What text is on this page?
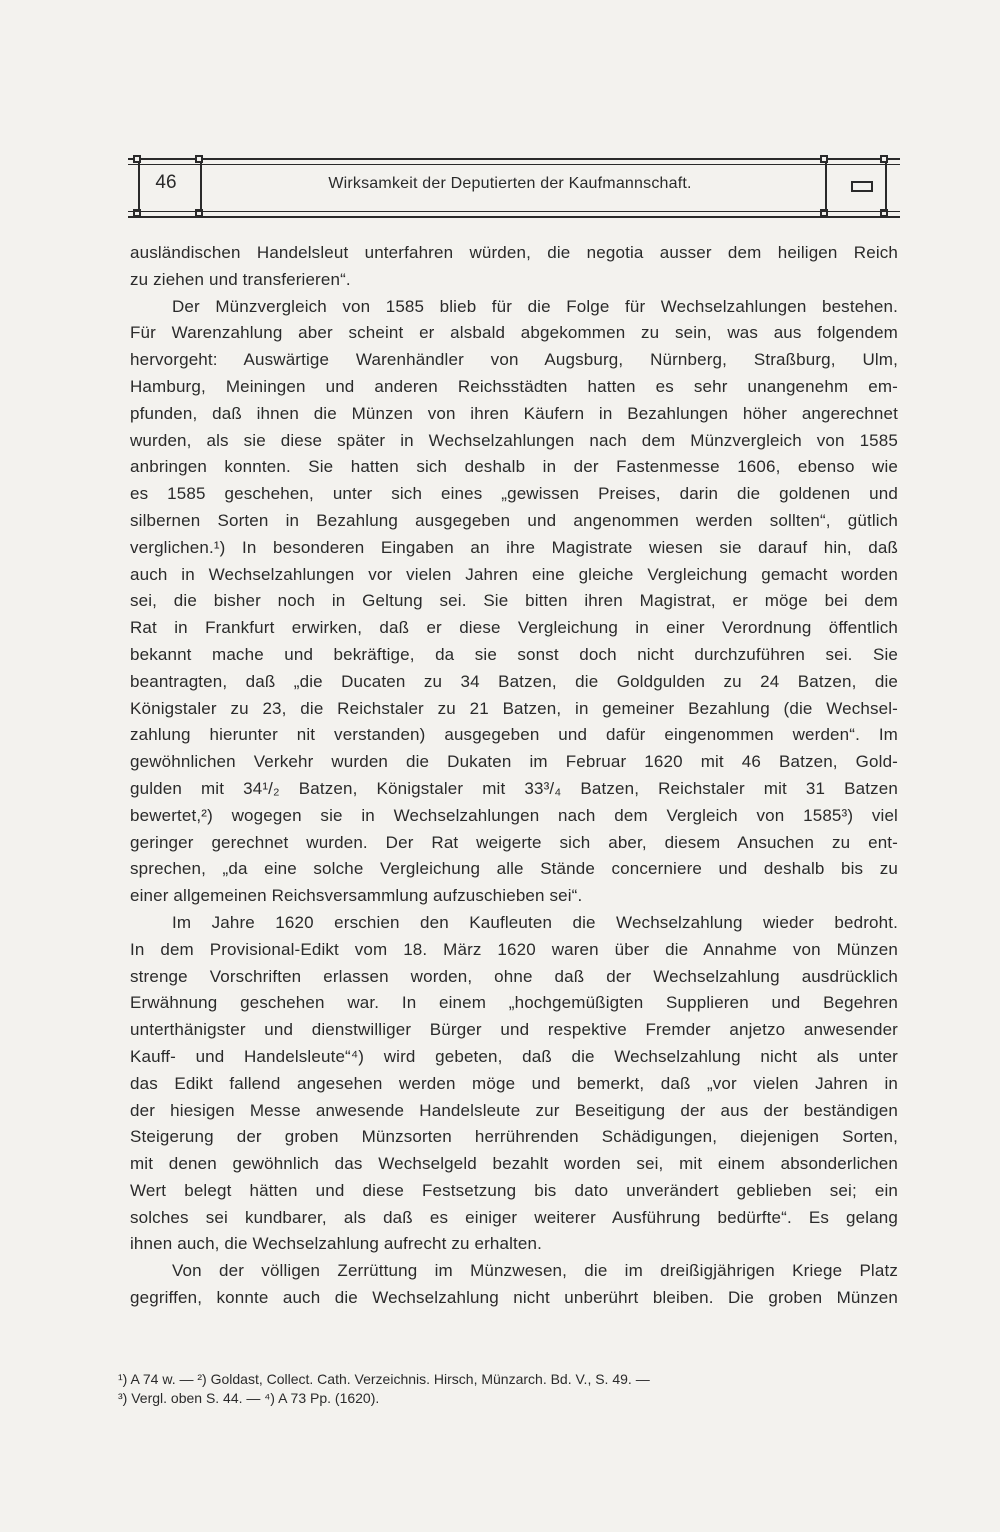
46	Wirksamkeit der Deputierten der Kaufmannschaft.
ausländischen Handelsleut unterfahren würden, die negotia ausser dem heiligen Reich
zu ziehen und transferieren“.
Der Münzvergleich von 1585 blieb für die Folge für Wechselzahlungen bestehen.
Für Warenzahlung aber scheint er alsbald abgekommen zu sein, was aus folgendem
hervorgeht: Auswärtige Warenhändler von Augsburg, Nürnberg, Straßburg, Ulm,
Hamburg, Meiningen und anderen Reichsstädten hatten es sehr unangenehm em-
pfunden, daß ihnen die Münzen von ihren Käufern in Bezahlungen höher angerechnet
wurden, als sie diese später in Wechselzahlungen nach dem Münzvergleich von 1585
anbringen konnten. Sie hatten sich deshalb in der Fastenmesse 1606, ebenso wie
es 1585 geschehen, unter sich eines „gewissen Preises, darin die goldenen und
silbernen Sorten in Bezahlung ausgegeben und angenommen werden sollten“, gütlich
verglichen.¹) In besonderen Eingaben an ihre Magistrate wiesen sie darauf hin, daß
auch in Wechselzahlungen vor vielen Jahren eine gleiche Vergleichung gemacht worden
sei, die bisher noch in Geltung sei. Sie bitten ihren Magistrat, er möge bei dem
Rat in Frankfurt erwirken, daß er diese Vergleichung in einer Verordnung öffentlich
bekannt mache und bekräftige, da sie sonst doch nicht durchzuführen sei. Sie
beantragten, daß „die Ducaten zu 34 Batzen, die Goldgulden zu 24 Batzen, die
Königstaler zu 23, die Reichstaler zu 21 Batzen, in gemeiner Bezahlung (die Wechsel-
zahlung hierunter nit verstanden) ausgegeben und dafür eingenommen werden“. Im
gewöhnlichen Verkehr wurden die Dukaten im Februar 1620 mit 46 Batzen, Gold-
gulden mit 34¹/₂ Batzen, Königstaler mit 33³/₄ Batzen, Reichstaler mit 31 Batzen
bewertet,²) wogegen sie in Wechselzahlungen nach dem Vergleich von 1585³) viel
geringer gerechnet wurden. Der Rat weigerte sich aber, diesem Ansuchen zu ent-
sprechen, „da eine solche Vergleichung alle Stände concerniere und deshalb bis zu
einer allgemeinen Reichsversammlung aufzuschieben sei“.
Im Jahre 1620 erschien den Kaufleuten die Wechselzahlung wieder bedroht.
In dem Provisional-Edikt vom 18. März 1620 waren über die Annahme von Münzen
strenge Vorschriften erlassen worden, ohne daß der Wechselzahlung ausdrücklich
Erwähnung geschehen war. In einem „hochgemüßigten Supplieren und Begehren
unterthänigster und dienstwilliger Bürger und respektive Fremder anjetzo anwesender
Kauff- und Handelsleute“⁴) wird gebeten, daß die Wechselzahlung nicht als unter
das Edikt fallend angesehen werden möge und bemerkt, daß „vor vielen Jahren in
der hiesigen Messe anwesende Handelsleute zur Beseitigung der aus der beständigen
Steigerung der groben Münzsorten herrührenden Schädigungen, diejenigen Sorten,
mit denen gewöhnlich das Wechselgeld bezahlt worden sei, mit einem absonderlichen
Wert belegt hätten und diese Festsetzung bis dato unverändert geblieben sei; ein
solches sei kundbarer, als daß es einiger weiterer Ausführung bedürfte“. Es gelang
ihnen auch, die Wechselzahlung aufrecht zu erhalten.
Von der völligen Zerrüttung im Münzwesen, die im dreißigjährigen Kriege Platz
gegriffen, konnte auch die Wechselzahlung nicht unberührt bleiben. Die groben Münzen
¹) A 74 w. — ²) Goldast, Collect. Cath. Verzeichnis. Hirsch, Münzarch. Bd. V., S. 49. —
³) Vergl. oben S. 44. — ⁴) A 73 Pp. (1620).
